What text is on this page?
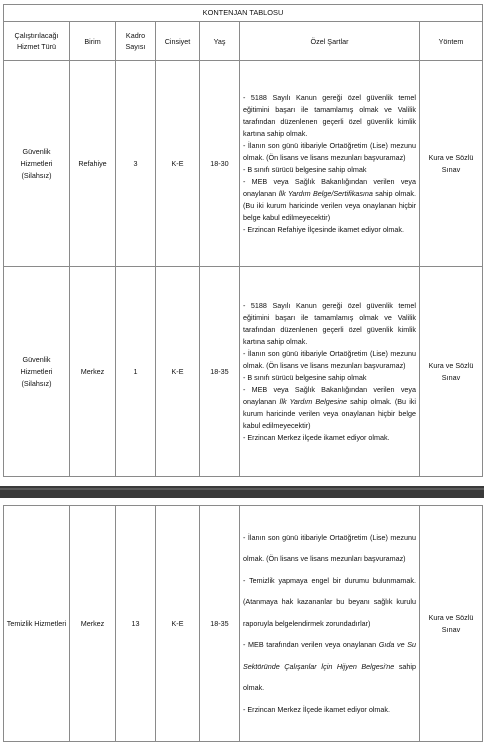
KONTENJAN TABLOSU						
Çalıştırılacağı Hizmet Türü	Birim	Kadro Sayısı	Cinsiyet	Yaş	Özel Şartlar	Yöntem
Güvenlik Hizmetleri (Silahsız)	Refahiye	3	K-E	18-30	- 5188 Sayılı Kanun gereği özel güvenlik temel eğitimini başarı ile tamamlamış olmak ve Valilik tarafından düzenlenen geçerli özel güvenlik kimlik kartına sahip olmak.
- İlanın son günü itibariyle Ortaöğretim (Lise) mezunu olmak. (Ön lisans ve lisans mezunları başvuramaz)
- B sınıfı sürücü belgesine sahip olmak
- MEB veya Sağlık Bakanlığından verilen veya onaylanan İlk Yardım Belge/Sertifikasına sahip olmak. (Bu iki kurum haricinde verilen veya onaylanan hiçbir belge kabul edilmeyecektir)
- Erzincan Refahiye İlçesinde ikamet ediyor olmak.	Kura ve Sözlü Sınav
Güvenlik Hizmetleri (Silahsız)	Merkez	1	K-E	18-35	- 5188 Sayılı Kanun gereği özel güvenlik temel eğitimini başarı ile tamamlamış olmak ve Valilik tarafından düzenlenen geçerli özel güvenlik kimlik kartına sahip olmak.
- İlanın son günü itibariyle Ortaöğretim (Lise) mezunu olmak. (Ön lisans ve lisans mezunları başvuramaz)
- B sınıfı sürücü belgesine sahip olmak
- MEB veya Sağlık Bakanlığından verilen veya onaylanan İlk Yardım Belgesine sahip olmak. (Bu iki kurum haricinde verilen veya onaylanan hiçbir belge kabul edilmeyecektir)
- Erzincan Merkez ilçede ikamet ediyor olmak.	Kura ve Sözlü Sınav
Temizlik Hizmetleri	Merkez	13	K-E	18-35	
- İlanın son günü itibariyle Ortaöğretim (Lise) mezunu olmak. (Ön lisans ve lisans mezunları başvuramaz)
- Temizlik yapmaya engel bir durumu bulunmamak. (Atanmaya hak kazananlar bu beyanı sağlık kurulu raporuyla belgelendirmek zorundadırlar)
- MEB tarafından verilen veya onaylanan Gıda ve Su Sektöründe Çalışanlar İçin Hijyen Belgesi'ne sahip olmak.
- Erzincan Merkez İlçede ikamet ediyor olmak.
	Kura ve Sözlü Sınav
